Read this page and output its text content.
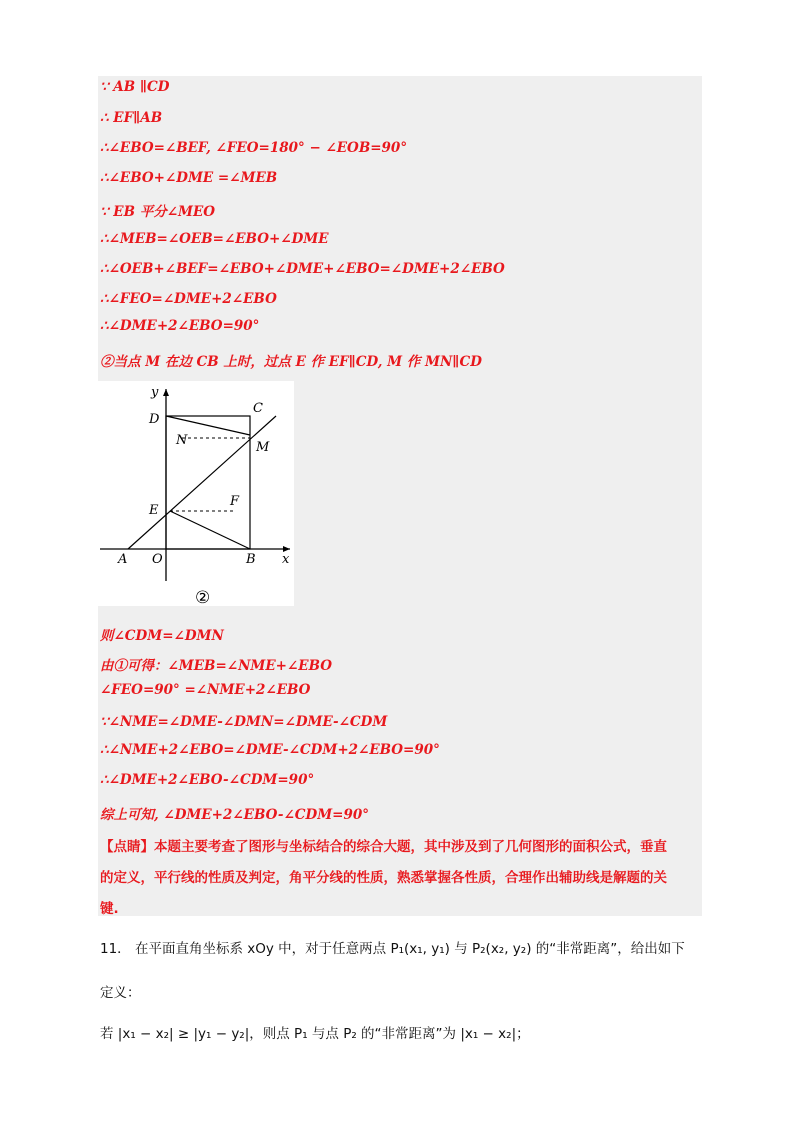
∵ AB ∥CD
∴ EF∥AB
∴∠EBO=∠BEF, ∠FEO=180° − ∠EOB=90°
∴∠EBO+∠DME =∠MEB
∵ EB 平分∠MEO
∴∠MEB=∠OEB=∠EBO+∠DME
∴∠OEB+∠BEF=∠EBO+∠DME+∠EBO=∠DME+2∠EBO
∴∠FEO=∠DME+2∠EBO
∴∠DME+2∠EBO=90°
②当点 M 在边 CB 上时，过点 E 作 EF∥CD, M 作 MN∥CD
y
x
D
C
N	M
E
F
A O	B
②
则∠CDM=∠DMN
由①可得：∠MEB=∠NME+∠EBO
∠FEO=90° =∠NME+2∠EBO
∵∠NME=∠DME-∠DMN=∠DME-∠CDM
∴∠NME+2∠EBO=∠DME-∠CDM+2∠EBO=90°
∴∠DME+2∠EBO-∠CDM=90°
综上可知, ∠DME+2∠EBO-∠CDM=90°
【点睛】本题主要考查了图形与坐标结合的综合大题，其中涉及到了几何图形的面积公式，垂直
的定义，平行线的性质及判定，角平分线的性质，熟悉掌握各性质，合理作出辅助线是解题的关
键.
11． 在平面直角坐标系 xOy 中，对于任意两点 P₁(x₁, y₁) 与 P₂(x₂, y₂) 的“非常距离”，给出如下
定义：
若 |x₁ − x₂| ≥ |y₁ − y₂|，则点 P₁ 与点 P₂ 的“非常距离”为 |x₁ − x₂|；
